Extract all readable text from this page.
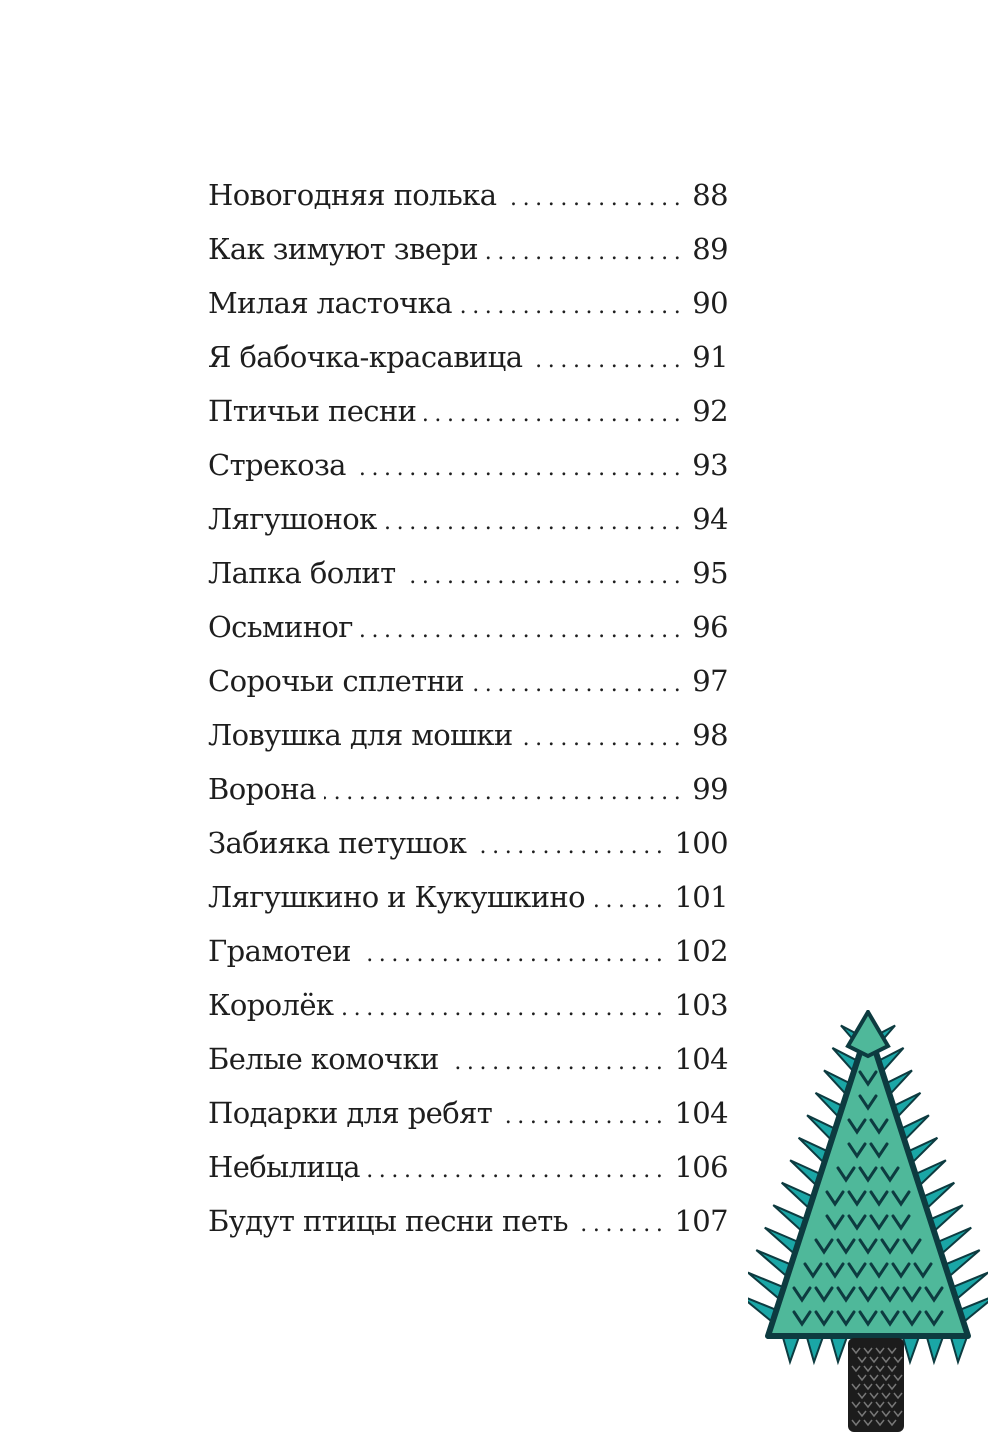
Новогодняя полька .....	88
Как зимуют звери .....	89
Милая ласточка .....	90
Я бабочка-красавица .....	91
Птичьи песни .....	92
Стрекоза .....	93
Лягушонок .....	94
Лапка болит .....	95
Осьминог .....	96
Сорочьи сплетни .....	97
Ловушка для мошки .....	98
Ворона .....	99
Забияка петушок .....	100
Лягушкино и Кукушкино .....	101
Грамотеи .....	102
Королёк .....	103
Белые комочки .....	104
Подарки для ребят .....	104
Небылица .....	106
Будут птицы песни петь .....	107
